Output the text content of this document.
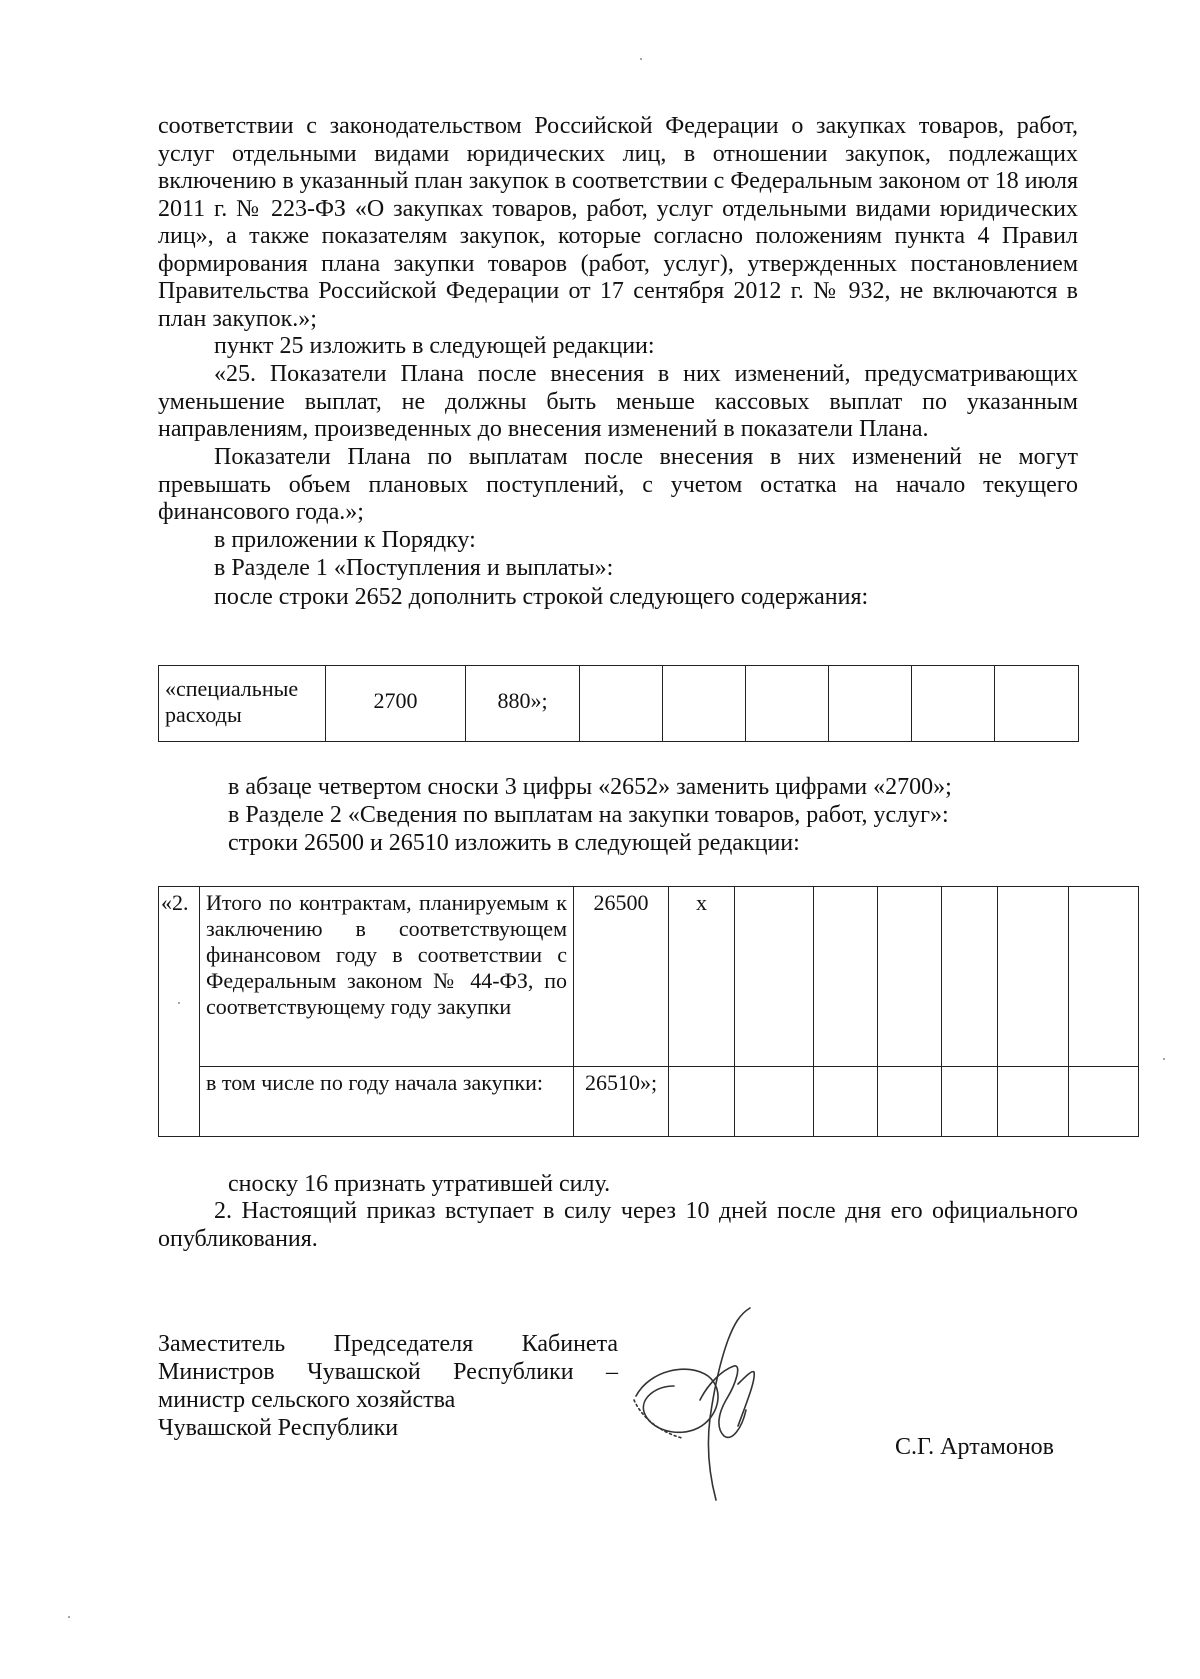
соответствии с законодательством Российской Федерации о закупках товаров, работ, услуг отдельными видами юридических лиц, в отношении закупок, подлежащих включению в указанный план закупок в соответствии с Федеральным законом от 18 июля 2011 г. № 223-ФЗ «О закупках товаров, работ, услуг отдельными видами юридических лиц», а также показателям закупок, которые согласно положениям пункта 4 Правил формирования плана закупки товаров (работ, услуг), утвержденных постановлением Правительства Российской Федерации от 17 сентября 2012 г. № 932, не включаются в план закупок.»;

пункт 25 изложить в следующей редакции:

«25. Показатели Плана после внесения в них изменений, предусматривающих уменьшение выплат, не должны быть меньше кассовых выплат по указанным направлениям, произведенных до внесения изменений в показатели Плана.

Показатели Плана по выплатам после внесения в них изменений не могут превышать объем плановых поступлений, с учетом остатка на начало текущего финансового года.»;

в приложении к Порядку:

в Разделе 1 «Поступления и выплаты»:

после строки 2652 дополнить строкой следующего содержания:

«специальные расходы	2700	880»;						

в абзаце четвертом сноски 3 цифры «2652» заменить цифрами «2700»;

в Разделе 2 «Сведения по выплатам на закупки товаров, работ, услуг»:

строки 26500 и 26510 изложить в следующей редакции:

«2.	Итого по контрактам, планируемым к заключению в соответствующем финансовом году в соответствии с Федеральным законом № 44-ФЗ, по соответствующему году закупки	26500	х						
	в том числе по году начала закупки:	26510»;							

сноску 16 признать утратившей силу.

2. Настоящий приказ вступает в силу через 10 дней после дня его официального опубликования.

Заместитель Председателя Кабинета
Министров Чувашской Республики –
министр сельского хозяйства
Чувашской Республики
С.Г. Артамонов
